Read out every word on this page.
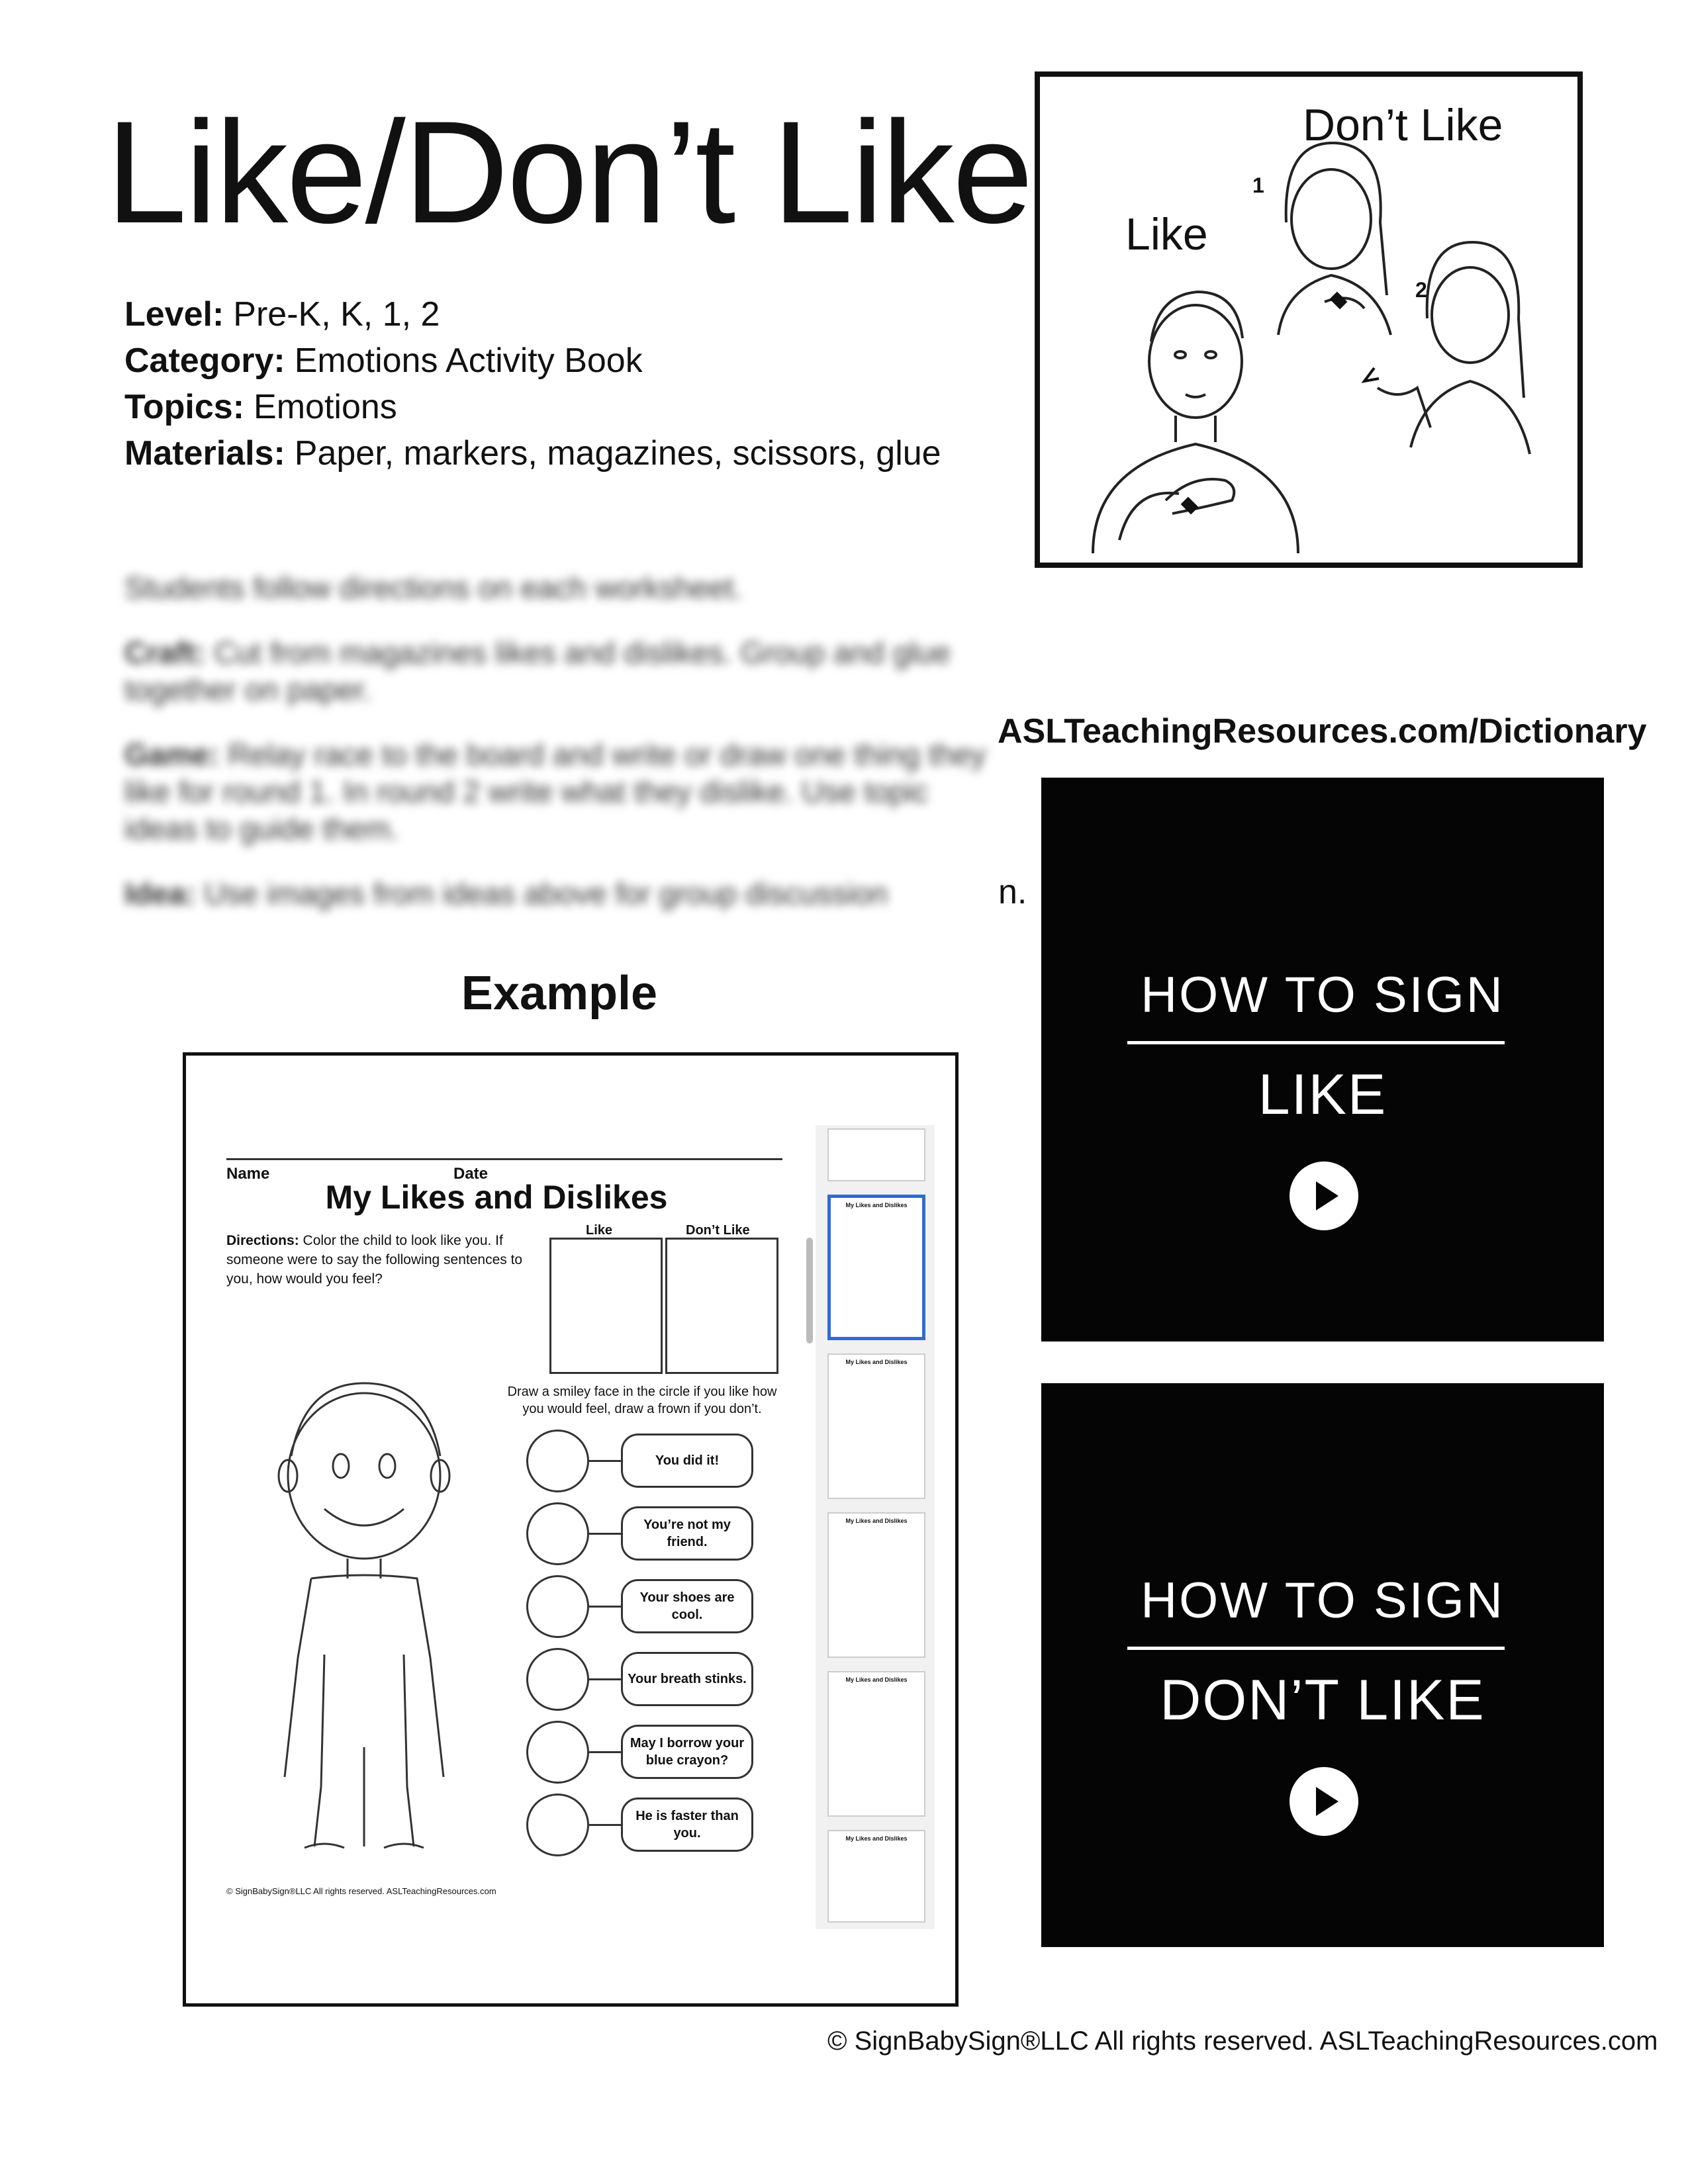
Like/Don’t Like
Level: Pre-K, K, 1, 2
Category: Emotions Activity Book
Topics: Emotions
Materials: Paper, markers, magazines, scissors, glue

Students follow directions on each worksheet.

Craft: Cut from magazines likes and dislikes. Group and glue together on paper.

Game: Relay race to the board and write or draw one thing they like for round 1. In round 2 write what they dislike. Use topic ideas to guide them.

Idea: Use images from ideas above for group discussion	n.
Don’t Like
Like
1
2
ASLTeachingResources.com/Dictionary
HOW TO SIGN
LIKE
HOW TO SIGN
DON’T LIKE
Example
Name	Date
My Likes and Dislikes
Directions: Color the child to look like you. If someone were to say the following sentences to you, how would you feel?
Like	Don’t Like
Draw a smiley face in the circle if you like how you would feel, draw a frown if you don’t.
You did it!
You’re not my friend.
Your shoes are cool.
Your breath stinks.
May I borrow your blue crayon?
He is faster than you.
© SignBabySign®LLC All rights reserved. ASLTeachingResources.com
My Likes and Dislikes
My Likes and Dislikes
My Likes and Dislikes
My Likes and Dislikes
My Likes and Dislikes
© SignBabySign®LLC All rights reserved. ASLTeachingResources.com
